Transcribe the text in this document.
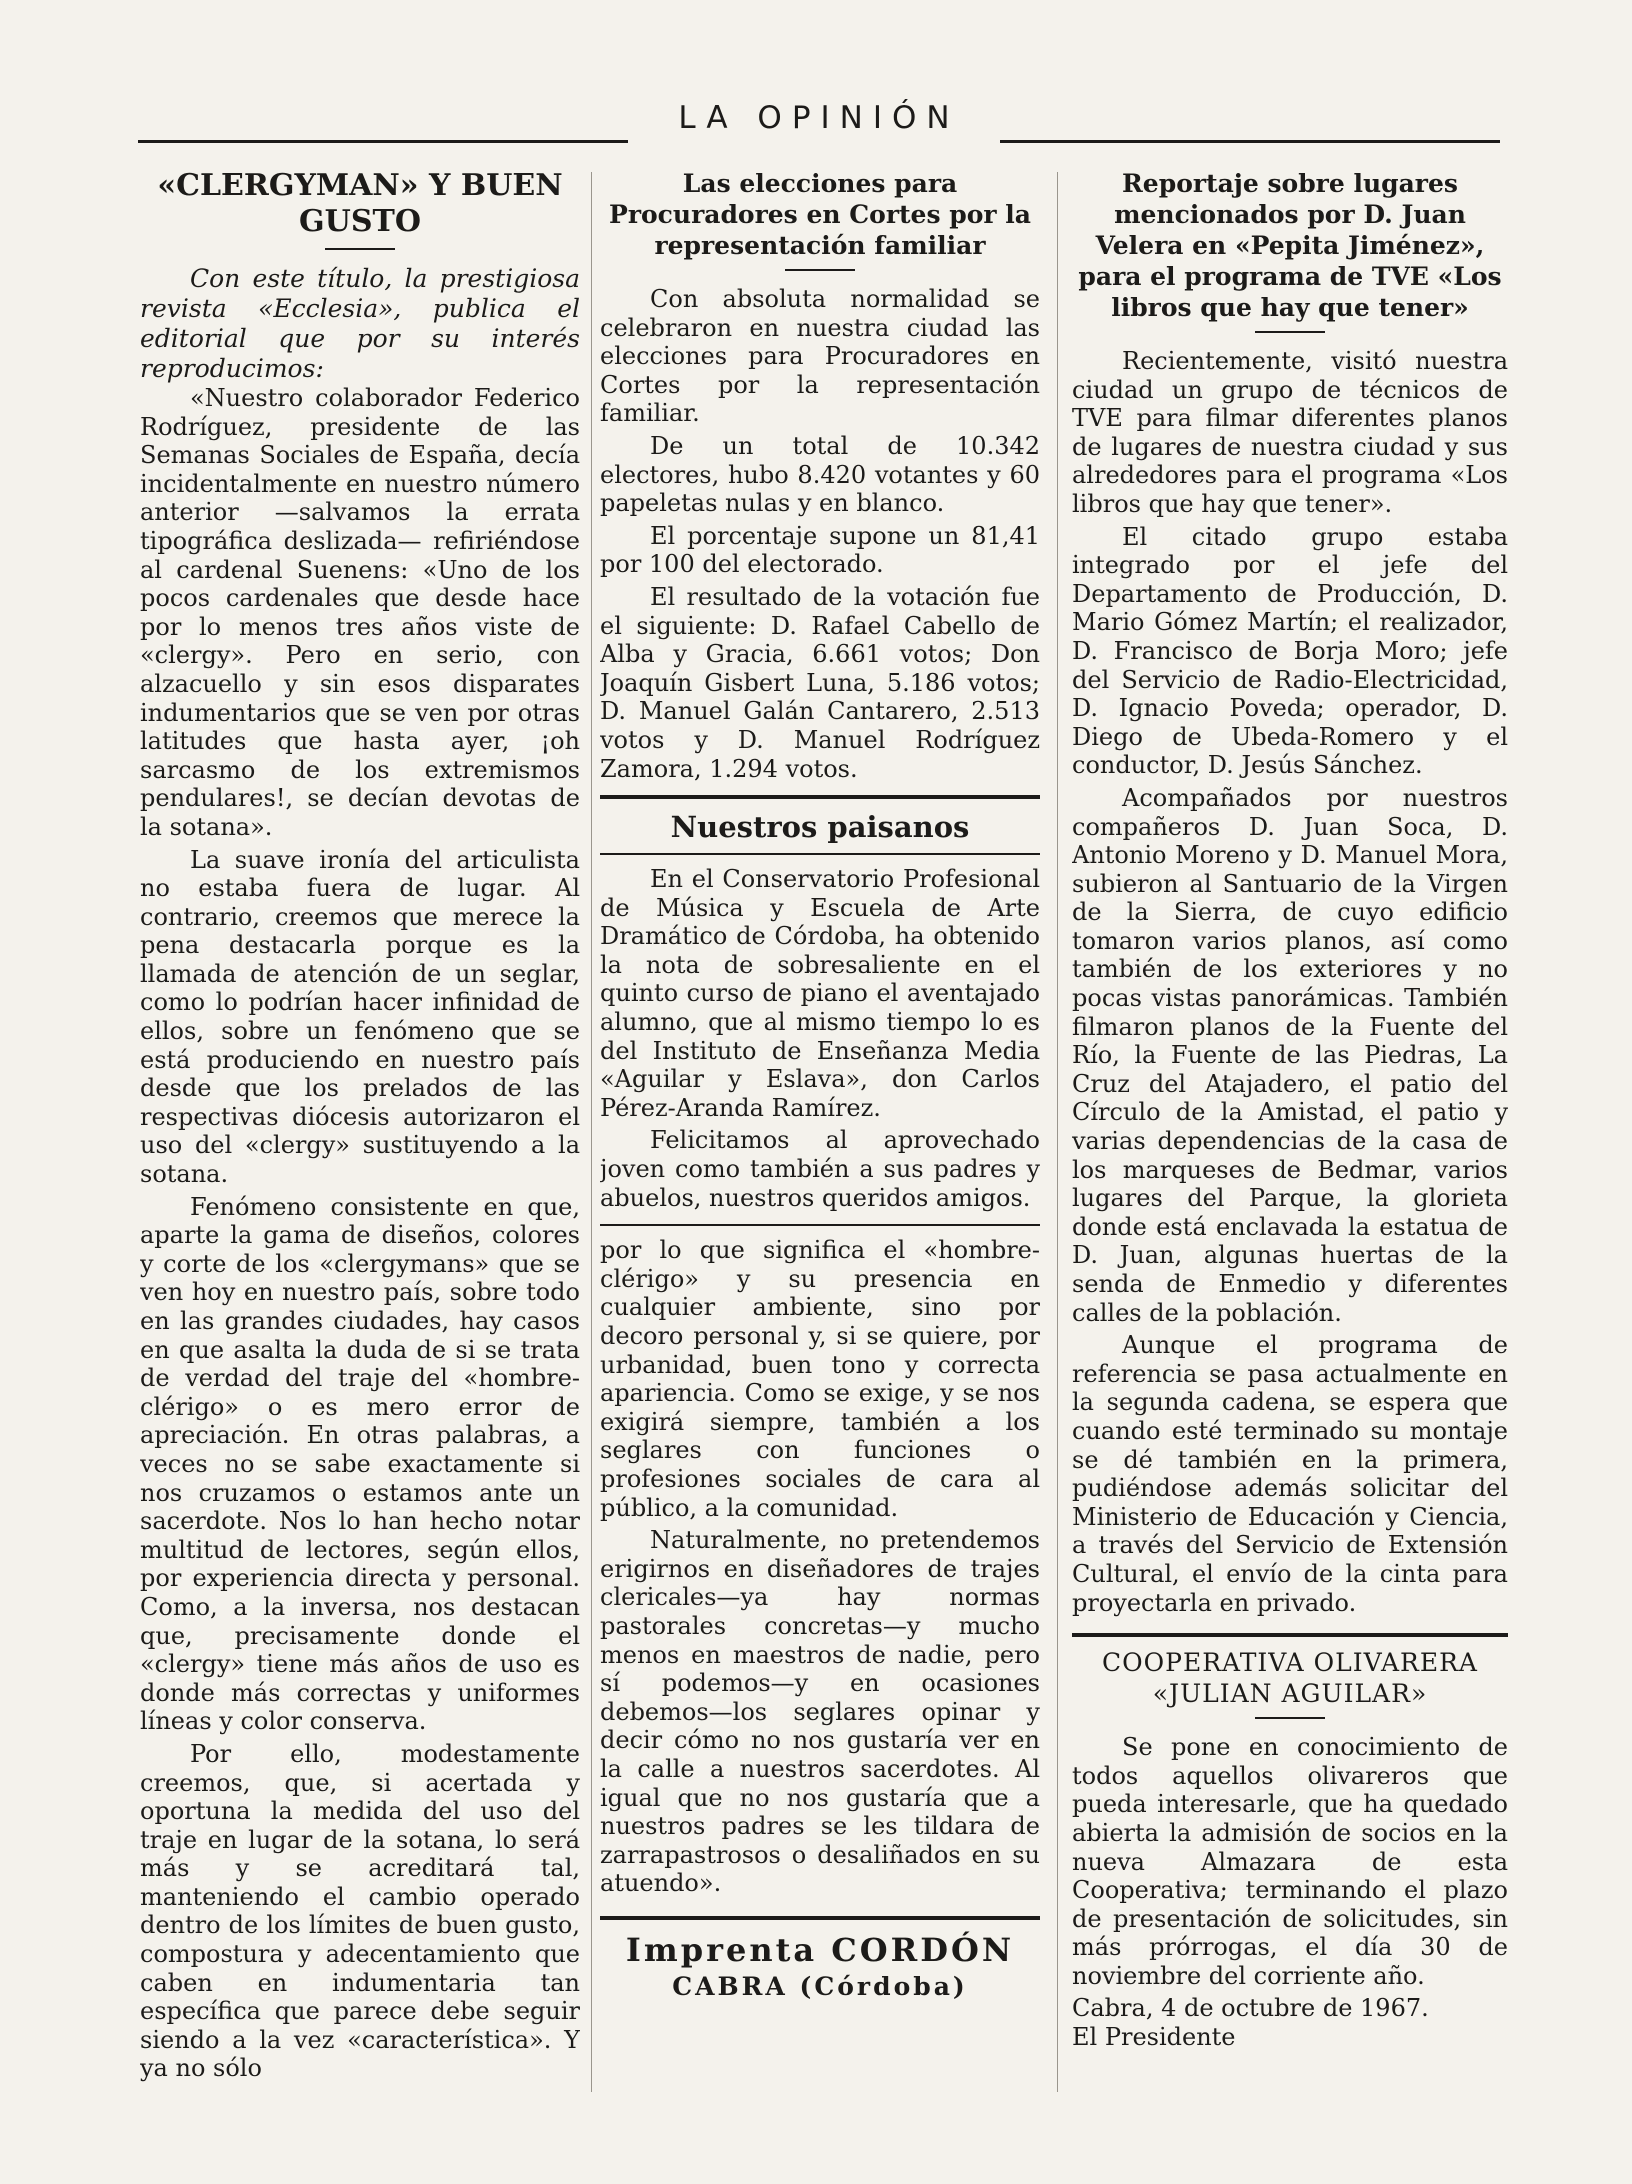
LA OPINIÓN
«CLERGYMAN» Y BUEN GUSTO

Con este título, la prestigiosa revista «Ecclesia», publica el editorial que por su interés reproducimos:

«Nuestro colaborador Federico Rodríguez, presidente de las Semanas Sociales de España, decía incidentalmente en nuestro número anterior —salvamos la errata tipográfica deslizada— refiriéndose al cardenal Suenens: «Uno de los pocos cardenales que desde hace por lo menos tres años viste de «clergy». Pero en serio, con alzacuello y sin esos disparates indumentarios que se ven por otras latitudes que hasta ayer, ¡oh sarcasmo de los extremismos pendulares!, se decían devotas de la sotana».

La suave ironía del articulista no estaba fuera de lugar. Al contrario, creemos que merece la pena destacarla porque es la llamada de atención de un seglar, como lo podrían hacer infinidad de ellos, sobre un fenómeno que se está produciendo en nuestro país desde que los prelados de las respectivas diócesis autorizaron el uso del «clergy» sustituyendo a la sotana.

Fenómeno consistente en que, aparte la gama de diseños, colores y corte de los «clergymans» que se ven hoy en nuestro país, sobre todo en las grandes ciudades, hay casos en que asalta la duda de si se trata de verdad del traje del «hombre-clérigo» o es mero error de apreciación. En otras palabras, a veces no se sabe exactamente si nos cruzamos o estamos ante un sacerdote. Nos lo han hecho notar multitud de lectores, según ellos, por experiencia directa y personal. Como, a la inversa, nos destacan que, precisamente donde el «clergy» tiene más años de uso es donde más correctas y uniformes líneas y color conserva.

Por ello, modestamente creemos, que, si acertada y oportuna la medida del uso del traje en lugar de la sotana, lo será más y se acreditará tal, manteniendo el cambio operado dentro de los límites de buen gusto, compostura y adecentamiento que caben en indumentaria tan específica que parece debe seguir siendo a la vez «característica». Y ya no sólo

Las elecciones para Procuradores en Cortes por la representación familiar

Con absoluta normalidad se celebraron en nuestra ciudad las elecciones para Procuradores en Cortes por la representación familiar.

De un total de 10.342 electores, hubo 8.420 votantes y 60 papeletas nulas y en blanco.

El porcentaje supone un 81,41 por 100 del electorado.

El resultado de la votación fue el siguiente: D. Rafael Cabello de Alba y Gracia, 6.661 votos; Don Joaquín Gisbert Luna, 5.186 votos; D. Manuel Galán Cantarero, 2.513 votos y D. Manuel Rodríguez Zamora, 1.294 votos.

Nuestros paisanos

En el Conservatorio Profesional de Música y Escuela de Arte Dramático de Córdoba, ha obtenido la nota de sobresaliente en el quinto curso de piano el aventajado alumno, que al mismo tiempo lo es del Instituto de Enseñanza Media «Aguilar y Eslava», don Carlos Pérez-Aranda Ramírez.

Felicitamos al aprovechado joven como también a sus padres y abuelos, nuestros queridos amigos.

por lo que significa el «hombre-clérigo» y su presencia en cualquier ambiente, sino por decoro personal y, si se quiere, por urbanidad, buen tono y correcta apariencia. Como se exige, y se nos exigirá siempre, también a los seglares con funciones o profesiones sociales de cara al público, a la comunidad.

Naturalmente, no pretendemos erigirnos en diseñadores de trajes clericales—ya hay normas pastorales concretas—y mucho menos en maestros de nadie, pero sí podemos—y en ocasiones debemos—los seglares opinar y decir cómo no nos gustaría ver en la calle a nuestros sacerdotes. Al igual que no nos gustaría que a nuestros padres se les tildara de zarrapastrosos o desaliñados en su atuendo».

Imprenta CORDÓN
CABRA (Córdoba)
Reportaje sobre lugares mencionados por D. Juan Velera en «Pepita Jiménez», para el programa de TVE «Los libros que hay que tener»

Recientemente, visitó nuestra ciudad un grupo de técnicos de TVE para filmar diferentes planos de lugares de nuestra ciudad y sus alrededores para el programa «Los libros que hay que tener».

El citado grupo estaba integrado por el jefe del Departamento de Producción, D. Mario Gómez Martín; el realizador, D. Francisco de Borja Moro; jefe del Servicio de Radio-Electricidad, D. Ignacio Poveda; operador, D. Diego de Ubeda-Romero y el conductor, D. Jesús Sánchez.

Acompañados por nuestros compañeros D. Juan Soca, D. Antonio Moreno y D. Manuel Mora, subieron al Santuario de la Virgen de la Sierra, de cuyo edificio tomaron varios planos, así como también de los exteriores y no pocas vistas panorámicas. También filmaron planos de la Fuente del Río, la Fuente de las Piedras, La Cruz del Atajadero, el patio del Círculo de la Amistad, el patio y varias dependencias de la casa de los marqueses de Bedmar, varios lugares del Parque, la glorieta donde está enclavada la estatua de D. Juan, algunas huertas de la senda de Enmedio y diferentes calles de la población.

Aunque el programa de referencia se pasa actualmente en la segunda cadena, se espera que cuando esté terminado su montaje se dé también en la primera, pudiéndose además solicitar del Ministerio de Educación y Ciencia, a través del Servicio de Extensión Cultural, el envío de la cinta para proyectarla en privado.

COOPERATIVA OLIVARERA «JULIAN AGUILAR»

Se pone en conocimiento de todos aquellos olivareros que pueda interesarle, que ha quedado abierta la admisión de socios en la nueva Almazara de esta Cooperativa; terminando el plazo de presentación de solicitudes, sin más prórrogas, el día 30 de noviembre del corriente año.

Cabra, 4 de octubre de 1967.

El Presidente
